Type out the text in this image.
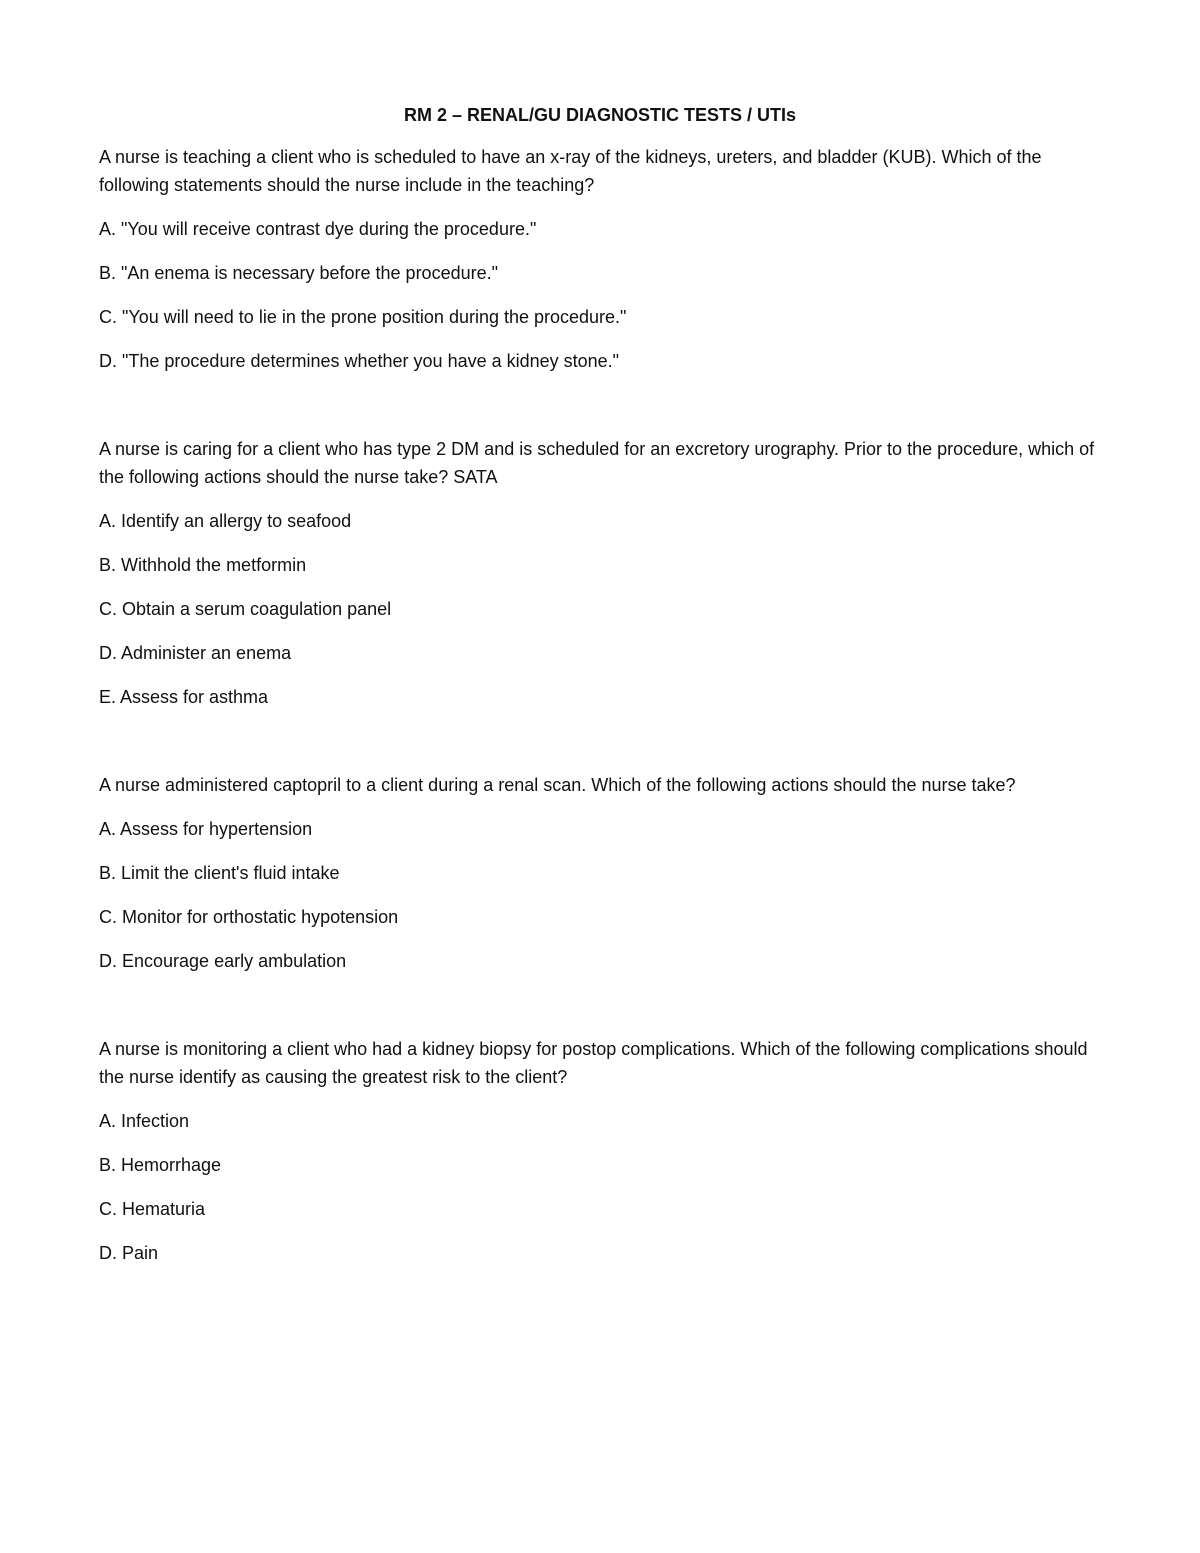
RM 2 – RENAL/GU DIAGNOSTIC TESTS / UTIs

A nurse is teaching a client who is scheduled to have an x-ray of the kidneys, ureters, and bladder (KUB). Which of the following statements should the nurse include in the teaching?

A. "You will receive contrast dye during the procedure."

B. "An enema is necessary before the procedure."

C. "You will need to lie in the prone position during the procedure."

D. "The procedure determines whether you have a kidney stone."

A nurse is caring for a client who has type 2 DM and is scheduled for an excretory urography. Prior to the procedure, which of the following actions should the nurse take? SATA

A. Identify an allergy to seafood

B. Withhold the metformin

C. Obtain a serum coagulation panel

D. Administer an enema

E. Assess for asthma

A nurse administered captopril to a client during a renal scan. Which of the following actions should the nurse take?

A. Assess for hypertension

B. Limit the client's fluid intake

C. Monitor for orthostatic hypotension

D. Encourage early ambulation

A nurse is monitoring a client who had a kidney biopsy for postop complications. Which of the following complications should the nurse identify as causing the greatest risk to the client?

A. Infection

B. Hemorrhage

C. Hematuria

D. Pain
